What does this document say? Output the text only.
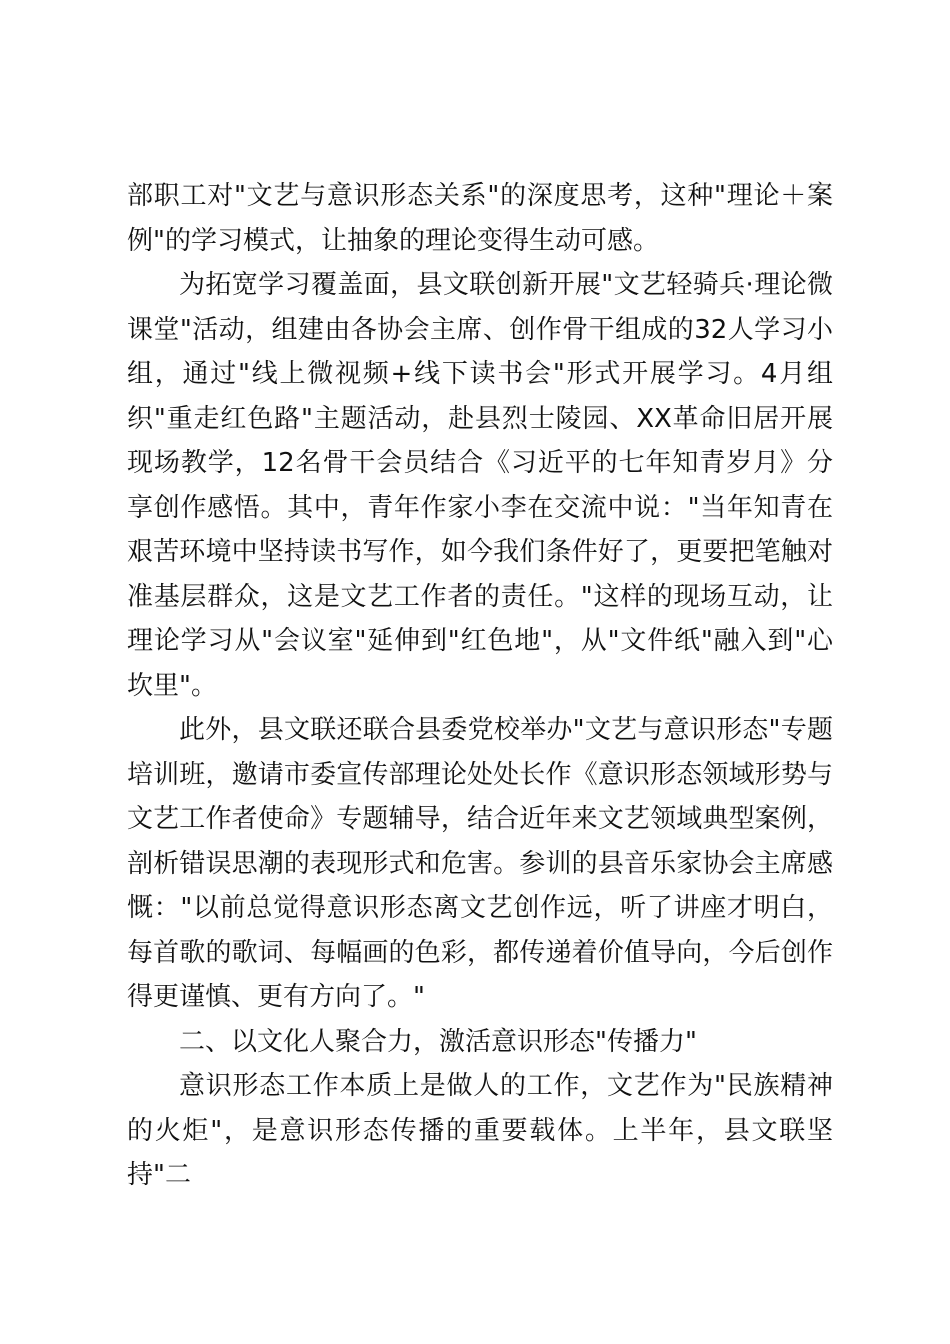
部职工对"文艺与意识形态关系"的深度思考，这种"理论＋案例"的学习模式，让抽象的理论变得生动可感。

为拓宽学习覆盖面，县文联创新开展"文艺轻骑兵·理论微课堂"活动，组建由各协会主席、创作骨干组成的32人学习小组，通过"线上微视频+线下读书会"形式开展学习。4月组织"重走红色路"主题活动，赴县烈士陵园、XX革命旧居开展现场教学，12名骨干会员结合《习近平的七年知青岁月》分享创作感悟。其中，青年作家小李在交流中说："当年知青在艰苦环境中坚持读书写作，如今我们条件好了，更要把笔触对准基层群众，这是文艺工作者的责任。"这样的现场互动，让理论学习从"会议室"延伸到"红色地"，从"文件纸"融入到"心坎里"。

此外，县文联还联合县委党校举办"文艺与意识形态"专题培训班，邀请市委宣传部理论处处长作《意识形态领域形势与文艺工作者使命》专题辅导，结合近年来文艺领域典型案例，剖析错误思潮的表现形式和危害。参训的县音乐家协会主席感慨："以前总觉得意识形态离文艺创作远，听了讲座才明白，每首歌的歌词、每幅画的色彩，都传递着价值导向，今后创作得更谨慎、更有方向了。"

二、以文化人聚合力，激活意识形态"传播力"

意识形态工作本质上是做人的工作，文艺作为"民族精神的火炬"，是意识形态传播的重要载体。上半年，县文联坚持"二
